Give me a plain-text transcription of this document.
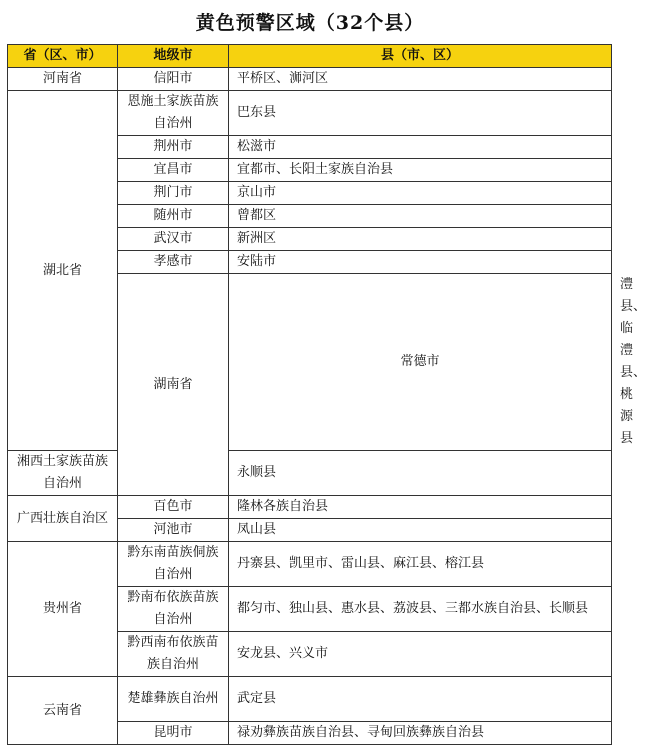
黄色预警区域（32个县）
省（区、市）	地级市	县（市、区）	
河南省	信阳市	平桥区、浉河区	
湖北省	恩施土家族苗族自治州	巴东县	
	荆州市	松滋市	
	宜昌市	宜都市、长阳土家族自治县	
	荆门市	京山市	
	随州市	曾都区	
	武汉市	新洲区	
	孝感市	安陆市	
	湖南省	常德市	澧县、临澧县、桃源县
湘西土家族苗族自治州		永顺县	
广西壮族自治区	百色市	隆林各族自治县	
	河池市	凤山县	
贵州省	黔东南苗族侗族自治州	丹寨县、凯里市、雷山县、麻江县、榕江县	
	黔南布依族苗族自治州	都匀市、独山县、惠水县、荔波县、三都水族自治县、长顺县	
	黔西南布依族苗族自治州	安龙县、兴义市	
云南省	楚雄彝族自治州	武定县	
	昆明市	禄劝彝族苗族自治县、寻甸回族彝族自治县	
